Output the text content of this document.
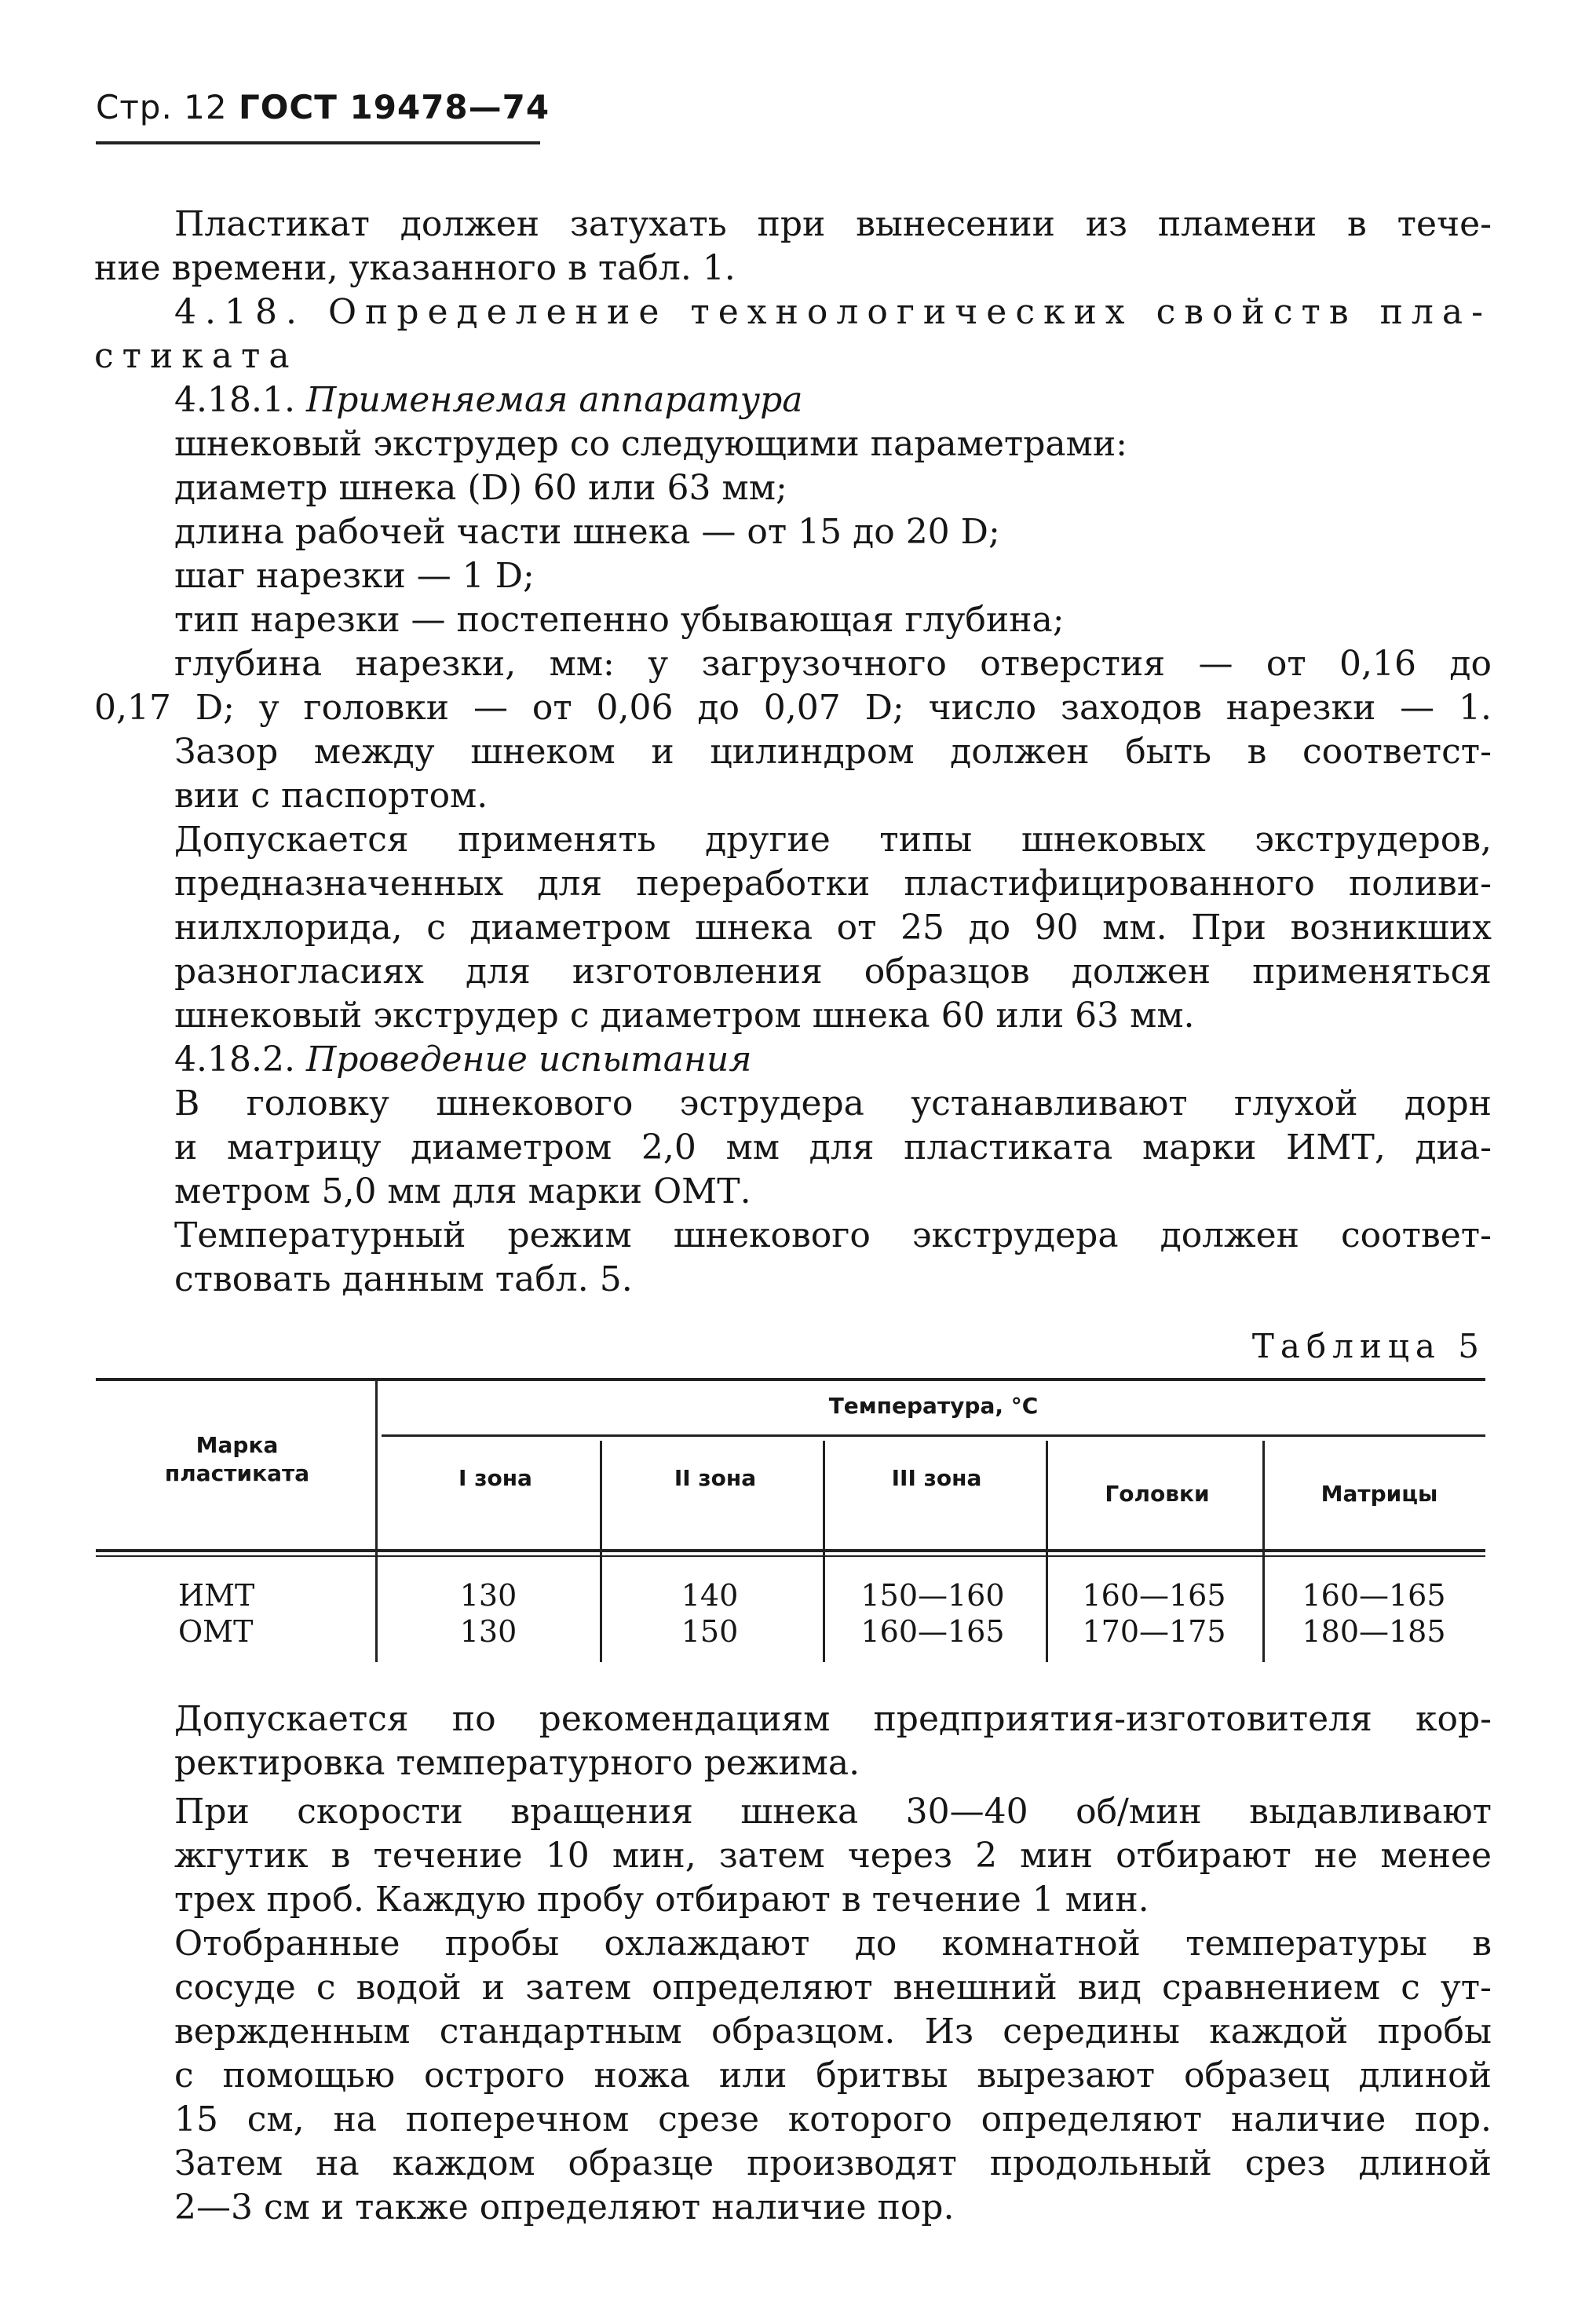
Стр. 12 ГОСТ 19478—74
Пластикат должен затухать при вынесении из пламени в тече-
ние времени, указанного в табл. 1.
4.18. Определение технологических свойств пла-
стиката
4.18.1. Применяемая аппаратура
шнековый экструдер со следующими параметрами:
диаметр шнека (D) 60 или 63 мм;
длина рабочей части шнека — от 15 до 20 D;
шаг нарезки — 1 D;
тип нарезки — постепенно убывающая глубина;
глубина нарезки, мм: у загрузочного отверстия — от 0,16 до
0,17 D; у головки — от 0,06 до 0,07 D; число заходов нарезки — 1.
Зазор между шнеком и цилиндром должен быть в соответст-
вии с паспортом.
Допускается применять другие типы шнековых экструдеров,
предназначенных для переработки пластифицированного поливи-
нилхлорида, с диаметром шнека от 25 до 90 мм. При возникших
разногласиях для изготовления образцов должен применяться
шнековый экструдер с диаметром шнека 60 или 63 мм.
4.18.2. Проведение испытания
В головку шнекового эструдера устанавливают глухой дорн
и матрицу диаметром 2,0 мм для пластиката марки ИМТ, диа-
метром 5,0 мм для марки ОМТ.
Температурный режим шнекового экструдера должен соответ-
ствовать данным табл. 5.
Таблица 5
Марка пластиката
Температура, °С
I зона	II зона	III зона
Головки	Матрицы
ИМТ	130	140	150—160	160—165	160—165
ОМТ	130	150	160—165	170—175	180—185
Допускается по рекомендациям предприятия-изготовителя кор-
ректировка температурного режима.
При скорости вращения шнека 30—40 об/мин выдавливают
жгутик в течение 10 мин, затем через 2 мин отбирают не менее
трех проб. Каждую пробу отбирают в течение 1 мин.
Отобранные пробы охлаждают до комнатной температуры в
сосуде с водой и затем определяют внешний вид сравнением с ут-
вержденным стандартным образцом. Из середины каждой пробы
с помощью острого ножа или бритвы вырезают образец длиной
15 см, на поперечном срезе которого определяют наличие пор.
Затем на каждом образце производят продольный срез длиной
2—3 см и также определяют наличие пор.
